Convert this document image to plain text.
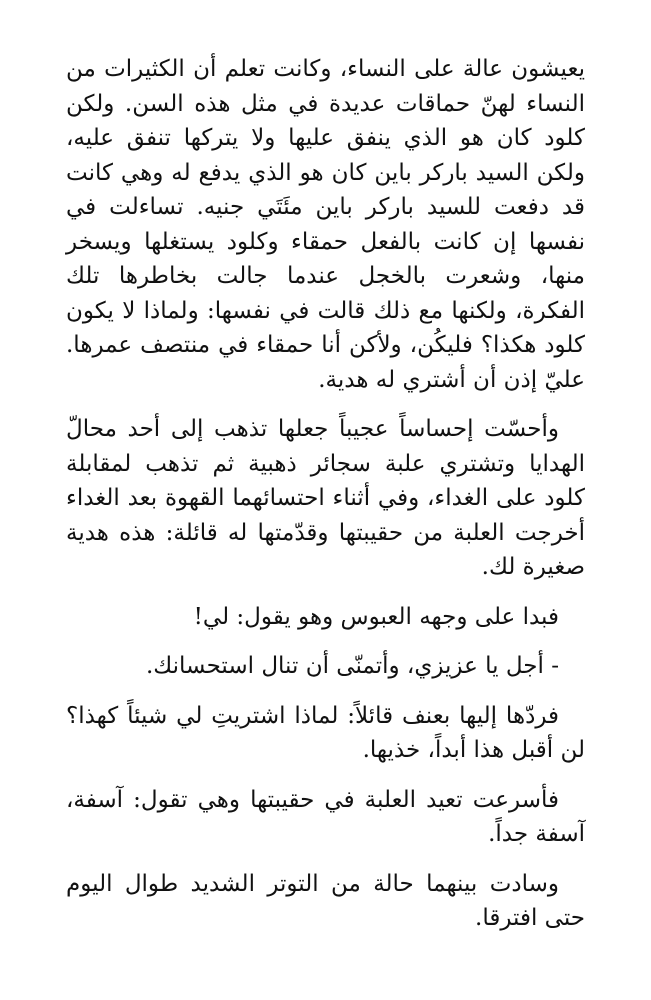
يعيشون عالة على النساء، وكانت تعلم أن الكثيرات من النساء لهنّ حماقات عديدة في مثل هذه السن. ولكن كلود كان هو الذي ينفق عليها ولا يتركها تنفق عليه، ولكن السيد باركر باين كان هو الذي يدفع له وهي كانت قد دفعت للسيد باركر باين مئَتَي جنيه. تساءلت في نفسها إن كانت بالفعل حمقاء وكلود يستغلها ويسخر منها، وشعرت بالخجل عندما جالت بخاطرها تلك الفكرة، ولكنها مع ذلك قالت في نفسها: ولماذا لا يكون كلود هكذا؟ فليكُن، ولأكن أنا حمقاء في منتصف عمرها. عليّ إذن أن أشتري له هدية.

وأحسّت إحساساً عجيباً جعلها تذهب إلى أحد محالّ الهدايا وتشتري علبة سجائر ذهبية ثم تذهب لمقابلة كلود على الغداء، وفي أثناء احتسائهما القهوة بعد الغداء أخرجت العلبة من حقيبتها وقدّمتها له قائلة: هذه هدية صغيرة لك.

فبدا على وجهه العبوس وهو يقول: لي!

- أجل يا عزيزي، وأتمنّى أن تنال استحسانك.

فردّها إليها بعنف قائلاً: لماذا اشتريتِ لي شيئاً كهذا؟ لن أقبل هذا أبداً، خذيها.

فأسرعت تعيد العلبة في حقيبتها وهي تقول: آسفة، آسفة جداً.

وسادت بينهما حالة من التوتر الشديد طوال اليوم حتى افترقا.
